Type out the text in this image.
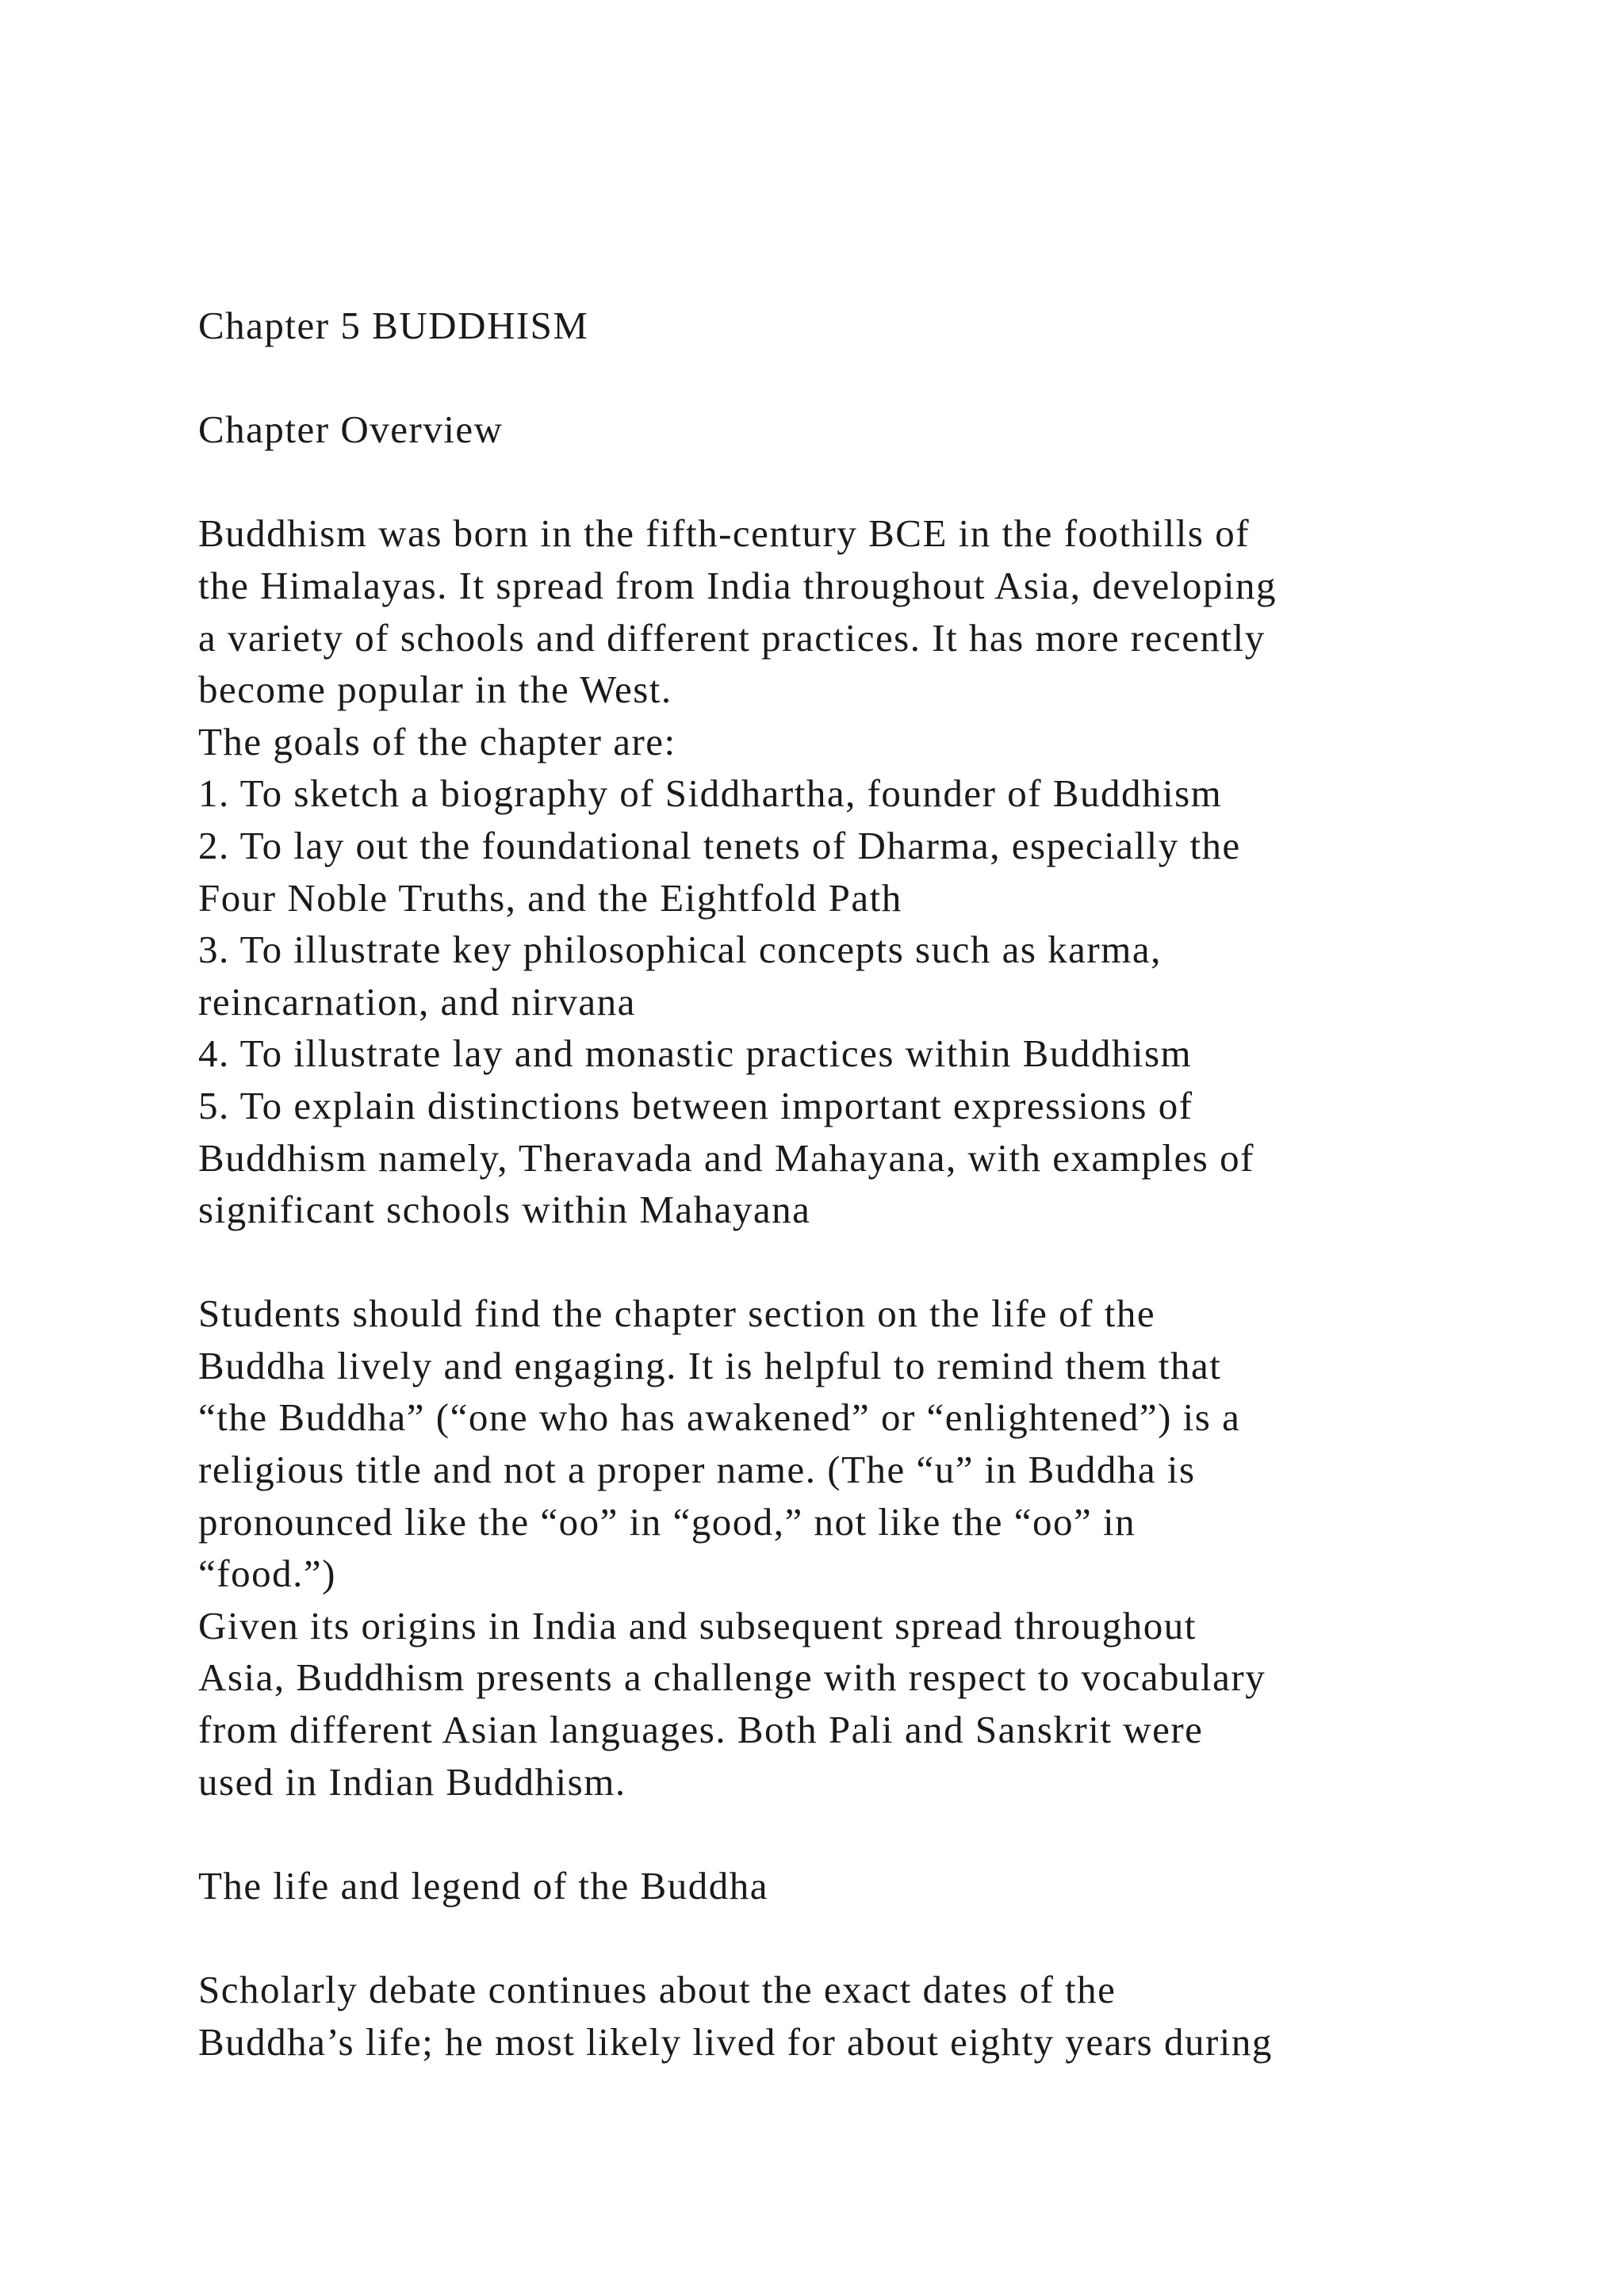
Chapter 5 BUDDHISM
Chapter Overview
Buddhism was born in the fifth-century BCE in the foothills of
the Himalayas. It spread from India throughout Asia, developing
a variety of schools and different practices. It has more recently
become popular in the West.
The goals of the chapter are:
1. To sketch a biography of Siddhartha, founder of Buddhism
2. To lay out the foundational tenets of Dharma, especially the
Four Noble Truths, and the Eightfold Path
3. To illustrate key philosophical concepts such as karma,
reincarnation, and nirvana
4. To illustrate lay and monastic practices within Buddhism
5. To explain distinctions between important expressions of
Buddhism namely, Theravada and Mahayana, with examples of
significant schools within Mahayana
Students should find the chapter section on the life of the
Buddha lively and engaging. It is helpful to remind them that
“the Buddha” (“one who has awakened” or “enlightened”) is a
religious title and not a proper name. (The “u” in Buddha is
pronounced like the “oo” in “good,” not like the “oo” in
“food.”)
Given its origins in India and subsequent spread throughout
Asia, Buddhism presents a challenge with respect to vocabulary
from different Asian languages. Both Pali and Sanskrit were
used in Indian Buddhism.
The life and legend of the Buddha
Scholarly debate continues about the exact dates of the
Buddha’s life; he most likely lived for about eighty years during
